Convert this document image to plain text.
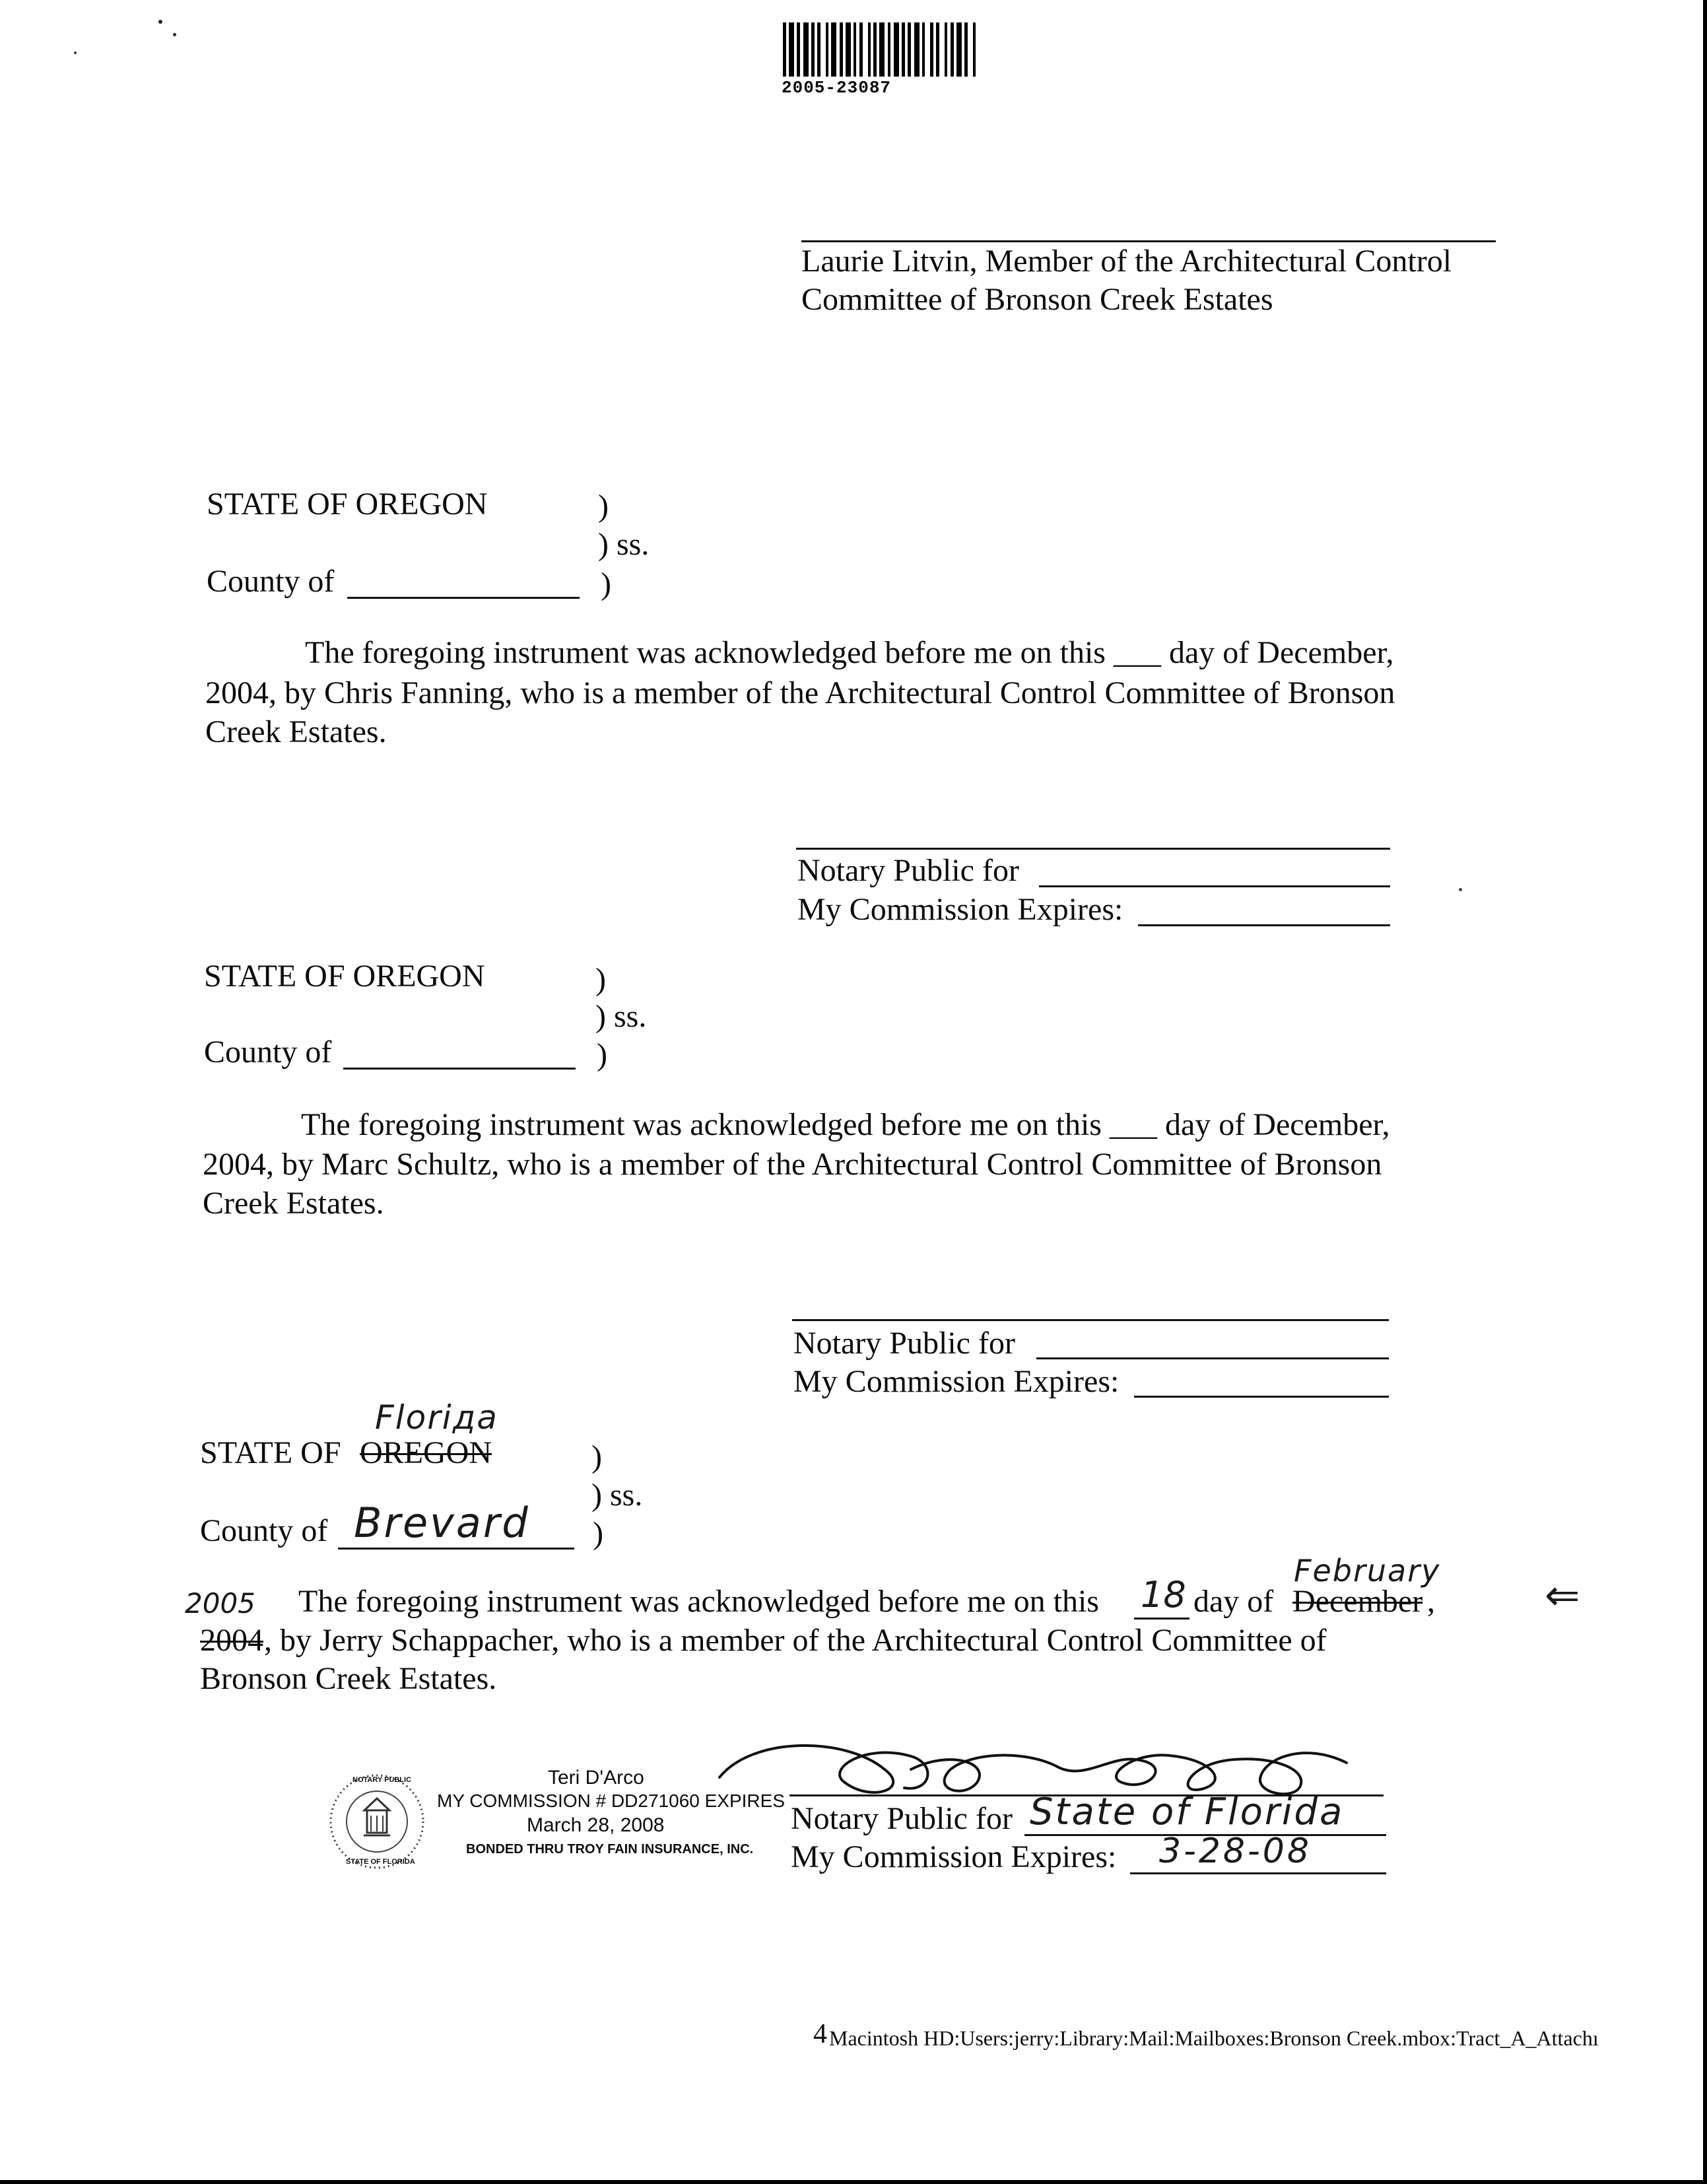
2005-23087
Laurie Litvin, Member of the Architectural Control
Committee of Bronson Creek Estates
STATE OF OREGON	)
) ss.
County of	)
The foregoing instrument was acknowledged before me on this ___ day of December,
2004, by Chris Fanning, who is a member of the Architectural Control Committee of Bronson
Creek Estates.
Notary Public for
My Commission Expires:
STATE OF OREGON	)
) ss.
County of	)
The foregoing instrument was acknowledged before me on this ___ day of December,
2004, by Marc Schultz, who is a member of the Architectural Control Committee of Bronson
Creek Estates.
Notary Public for
My Commission Expires:
Floriда
STATE OF OREGON	)
) ss.
County of Brevard )
February
2005 The foregoing instrument was acknowledged before me on this 18 day of December ,	⇐
2004 , by Jerry Schappacher, who is a member of the Architectural Control Committee of
Bronson Creek Estates.
NOTARY PUBLIC
STATE OF FLORIDA
Teri D'Arco
MY COMMISSION # DD271060 EXPIRES
March 28, 2008
BONDED THRU TROY FAIN INSURANCE, INC.
Notary Public for State of Florida
My Commission Expires: 3-28-08
4 Macintosh HD:Users:jerry:Library:Mail:Mailboxes:Bronson Creek.mbox:Tract_A_Attachı
